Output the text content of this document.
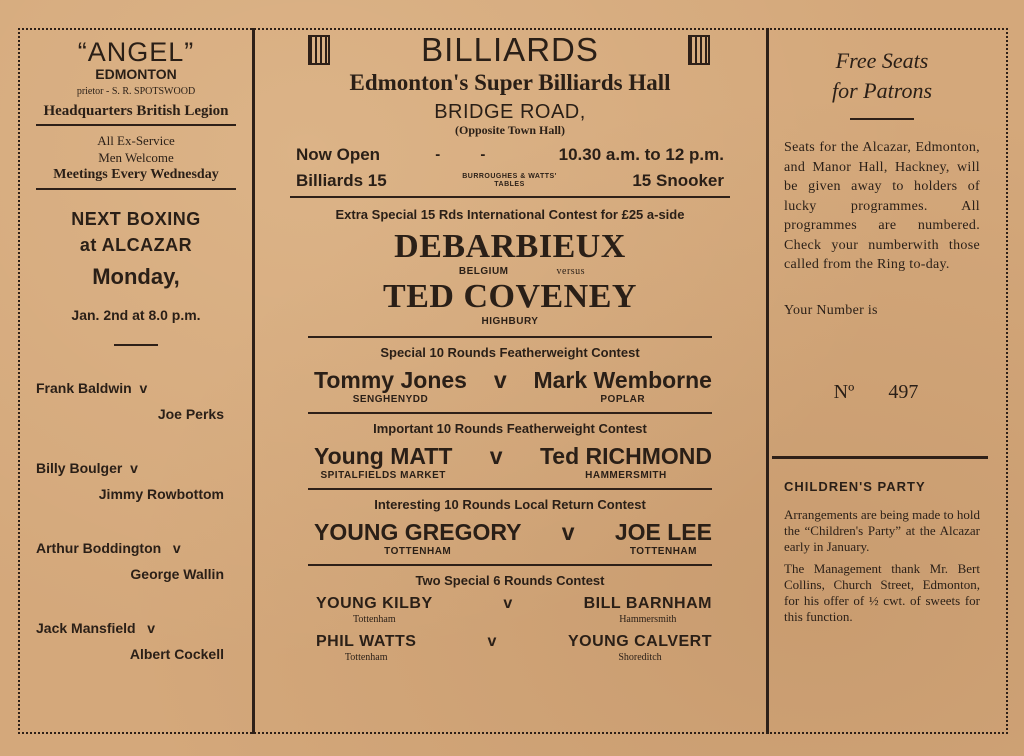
“ANGEL”
EDMONTON
prietor - S. R. SPOTSWOOD
Headquarters British Legion
All Ex-Service
Men Welcome
Meetings Every Wednesday
NEXT BOXING
at ALCAZAR
Monday,
Jan. 2nd at 8.0 p.m.
Frank Baldwin v
Joe Perks
Billy Boulger v
Jimmy Rowbottom
Arthur Boddington v
George Wallin
Jack Mansfield v
Albert Cockell
BILLIARDS
Edmonton's Super Billiards Hall
BRIDGE ROAD,
(Opposite Town Hall)
Now Open	- -	10.30 a.m. to 12 p.m.
Billiards 15	BURROUGHES & WATTS'
TABLES	15 Snooker
Extra Special 15 Rds International Contest for £25 a-side
DEBARBIEUX
BELGIUM	versus
TED COVENEY
HIGHBURY
Special 10 Rounds Featherweight Contest
Tommy Jones
SENGHENYDD
v Mark Wemborne
POPLAR
Important 10 Rounds Featherweight Contest
Young MATT
SPITALFIELDS MARKET
v Ted RICHMOND
HAMMERSMITH
Interesting 10 Rounds Local Return Contest
YOUNG GREGORY
TOTTENHAM
v JOE LEE
TOTTENHAM
Two Special 6 Rounds Contest
YOUNG KILBY
Tottenham
v	BILL BARNHAM
Hammersmith
PHIL WATTS
Tottenham
v	YOUNG CALVERT
Shoreditch
Free Seats
for Patrons
Seats for the Alcazar, Edmonton, and Manor Hall, Hackney, will be given away to holders of lucky programmes. All programmes are numbered. Check your numberwith those called from the Ring to-day.
Your Number is
Nº 497
CHILDREN'S PARTY
Arrangements are being made to hold the “Children's Party” at the Alcazar early in January.
The Management thank Mr. Bert Collins, Church Street, Edmonton, for his offer of ½ cwt. of sweets for this function.
